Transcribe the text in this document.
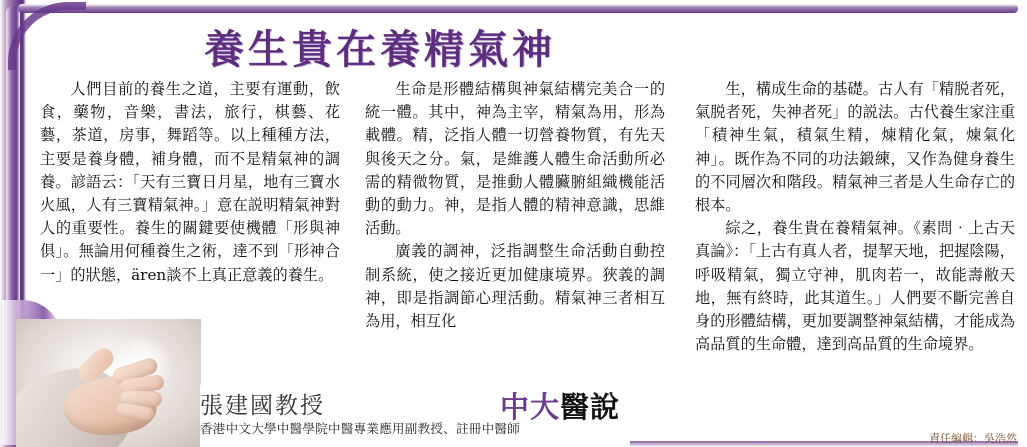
養生貴在養精氣神

人們目前的養生之道，主要有運動，飲食，藥物，音樂，書法，旅行，棋藝、花藝，茶道，房事，舞蹈等。以上種種方法，主要是養身體，補身體，而不是精氣神的調養。諺語云：「天有三寶日月星，地有三寶水火風，人有三寶精氣神。」意在説明精氣神對人的重要性。養生的關鍵要使機體「形與神俱」。無論用何種養生之術，達不到「形神合一」的狀態，ären談不上真正意義的養生。

生命是形體結構與神氣結構完美合一的統一體。其中，神為主宰，精氣為用，形為載體。精，泛指人體一切營養物質，有先天與後天之分。氣，是維護人體生命活動所必需的精微物質，是推動人體臟腑組織機能活動的動力。神，是指人體的精神意識，思維活動。

廣義的調神，泛指調整生命活動自動控制系統，使之接近更加健康境界。狹義的調神，即是指調節心理活動。精氣神三者相互為用，相互化

生，構成生命的基礎。古人有「精脱者死，氣脱者死，失神者死」的説法。古代養生家注重「積神生氣，積氣生精，煉精化氣，煉氣化神」。既作為不同的功法鍛練，又作為健身養生的不同層次和階段。精氣神三者是人生命存亡的根本。

綜之，養生貴在養精氣神。《素問‧上古天真論》：「上古有真人者，提挈天地，把握陰陽，呼吸精氣，獨立守神，肌肉若一，故能壽敝天地，無有終時，此其道生。」人們要不斷完善自身的形體結構，更加要調整神氣結構，才能成為高品質的生命體，達到高品質的生命境界。

張建國教授
香港中文大學中醫學院中醫專業應用副教授、註冊中醫師
中大醫說
責任編輯：吳浩然
